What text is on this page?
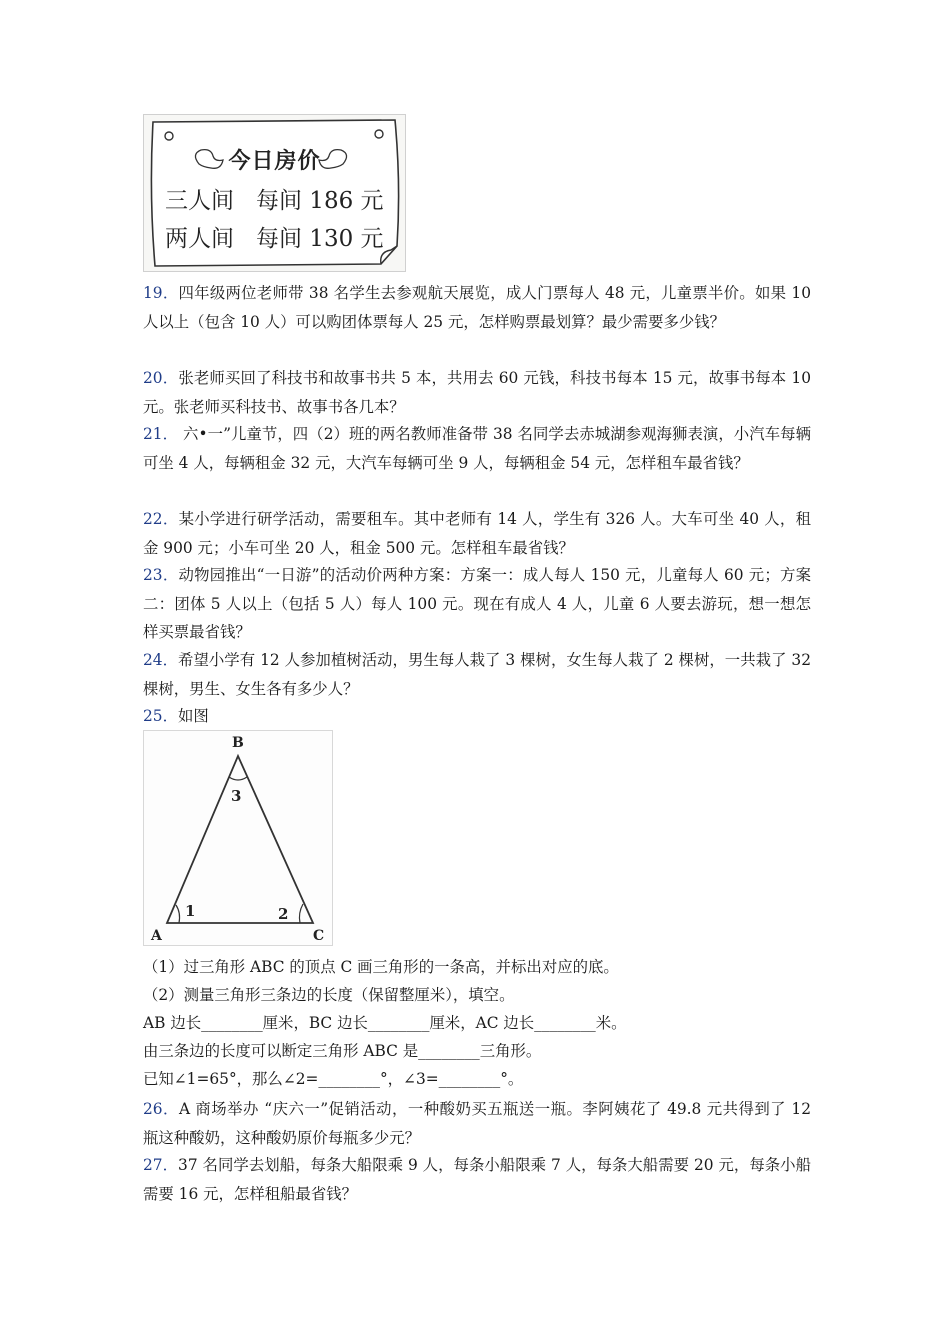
今日房价
三人间 每间 186 元
两人间 每间 130 元
19．四年级两位老师带 38 名学生去参观航天展览，成人门票每人 48 元，儿童票半价。如果 10 人以上（包含 10 人）可以购团体票每人 25 元，怎样购票最划算？最少需要多少钱？
20．张老师买回了科技书和故事书共 5 本，共用去 60 元钱，科技书每本 15 元，故事书每本 10 元。张老师买科技书、故事书各几本？
21． 六•一”儿童节，四（2）班的两名教师准备带 38 名同学去赤城湖参观海狮表演，小汽车每辆可坐 4 人，每辆租金 32 元，大汽车每辆可坐 9 人，每辆租金 54 元，怎样租车最省钱？
22．某小学进行研学活动，需要租车。其中老师有 14 人，学生有 326 人。大车可坐 40 人，租金 900 元；小车可坐 20 人，租金 500 元。怎样租车最省钱？
23．动物园推出“一日游”的活动价两种方案：方案一：成人每人 150 元，儿童每人 60 元；方案二：团体 5 人以上（包括 5 人）每人 100 元。现在有成人 4 人，儿童 6 人要去游玩，想一想怎样买票最省钱？
24．希望小学有 12 人参加植树活动，男生每人栽了 3 棵树，女生每人栽了 2 棵树，一共栽了 32 棵树，男生、女生各有多少人？
25．如图
B
A	C
3
1	2
（1）过三角形 ABC 的顶点 C 画三角形的一条高，并标出对应的底。
（2）测量三角形三条边的长度（保留整厘米），填空。
AB 边长________厘米，BC 边长________厘米，AC 边长________米。
由三条边的长度可以断定三角形 ABC 是________三角形。
已知∠1=65°，那么∠2=________°，∠3=________°。
26．A 商场举办 “庆六一”促销活动，一种酸奶买五瓶送一瓶。李阿姨花了 49.8 元共得到了 12 瓶这种酸奶，这种酸奶原价每瓶多少元？
27．37 名同学去划船，每条大船限乘 9 人，每条小船限乘 7 人，每条大船需要 20 元，每条小船需要 16 元，怎样租船最省钱？
